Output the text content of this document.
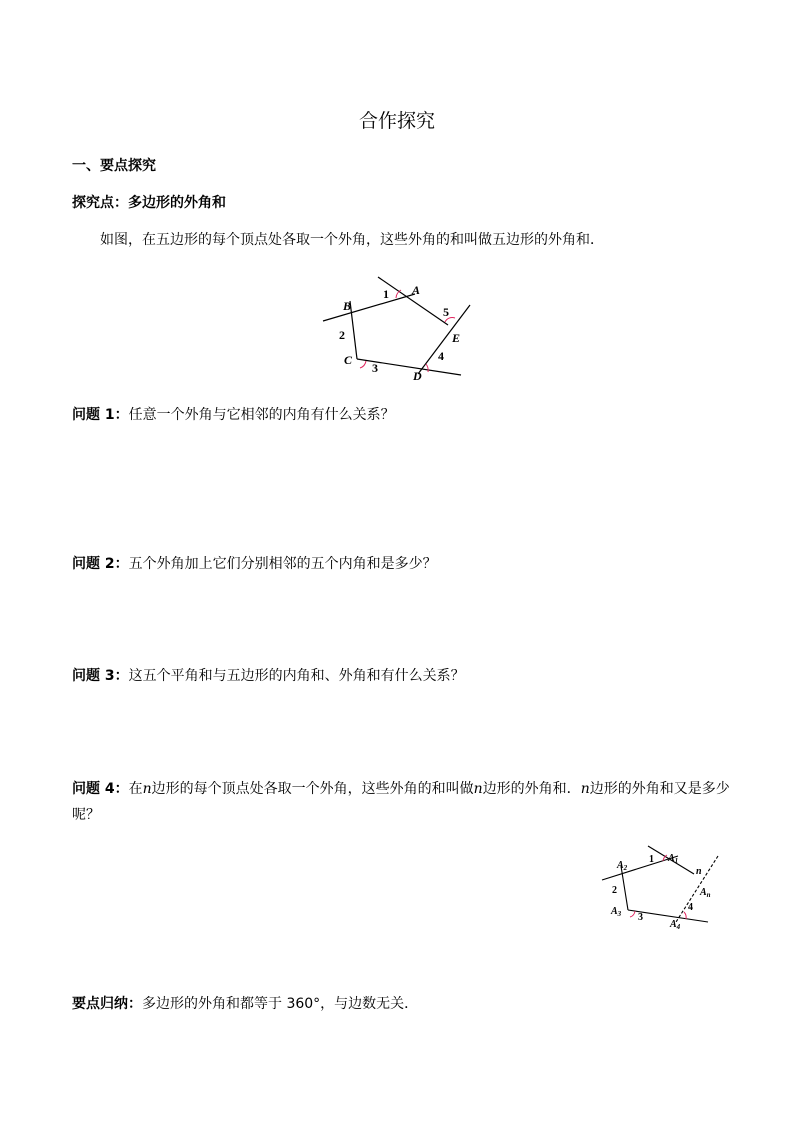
合作探究
一、要点探究
探究点：多边形的外角和
如图，在五边形的每个顶点处各取一个外角，这些外角的和叫做五边形的外角和．
A
B
C
D
E
1
2
3
4
5
问题 1：任意一个外角与它相邻的内角有什么关系？
问题 2：五个外角加上它们分别相邻的五个内角和是多少？
问题 3：这五个平角和与五边形的内角和、外角和有什么关系？
问题 4：在n边形的每个顶点处各取一个外角，这些外角的和叫做n边形的外角和．n边形的外角和又是多少呢？
$A_1$
$A_2$
$A_3$
$A_4$
$A_n$
1
2
3
4
n
要点归纳：多边形的外角和都等于 360°，与边数无关．
